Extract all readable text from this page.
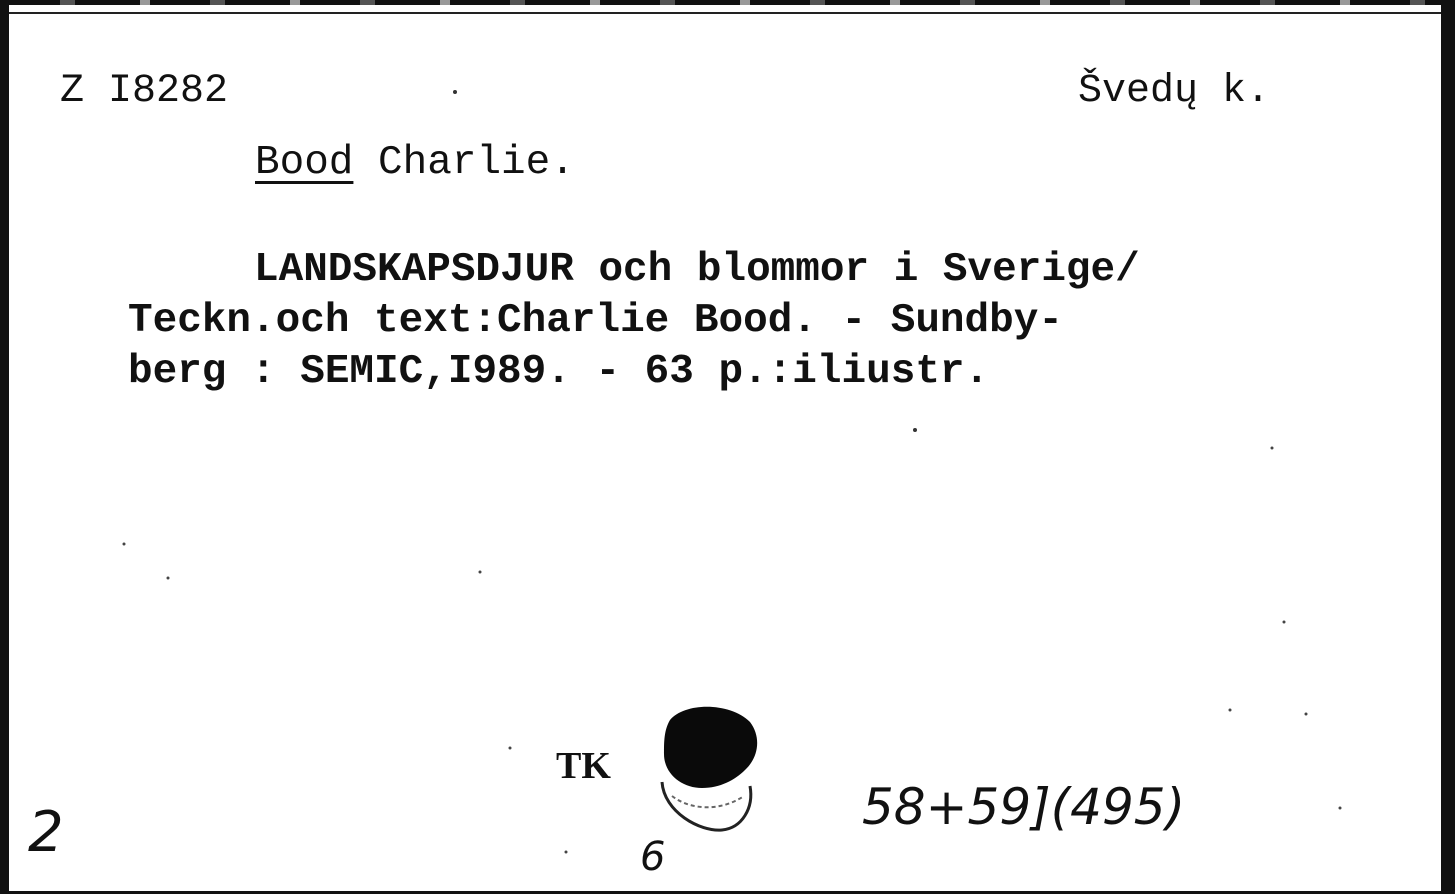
Z I8282	Švedų k.
Bood Charlie.
LANDSKAPSDJUR och blommor i Sverige/
Teckn.och text:Charlie Bood. - Sundby-
berg : SEMIC,I989. - 63 p.:iliustr.
TK
2	6
58+59](495)
